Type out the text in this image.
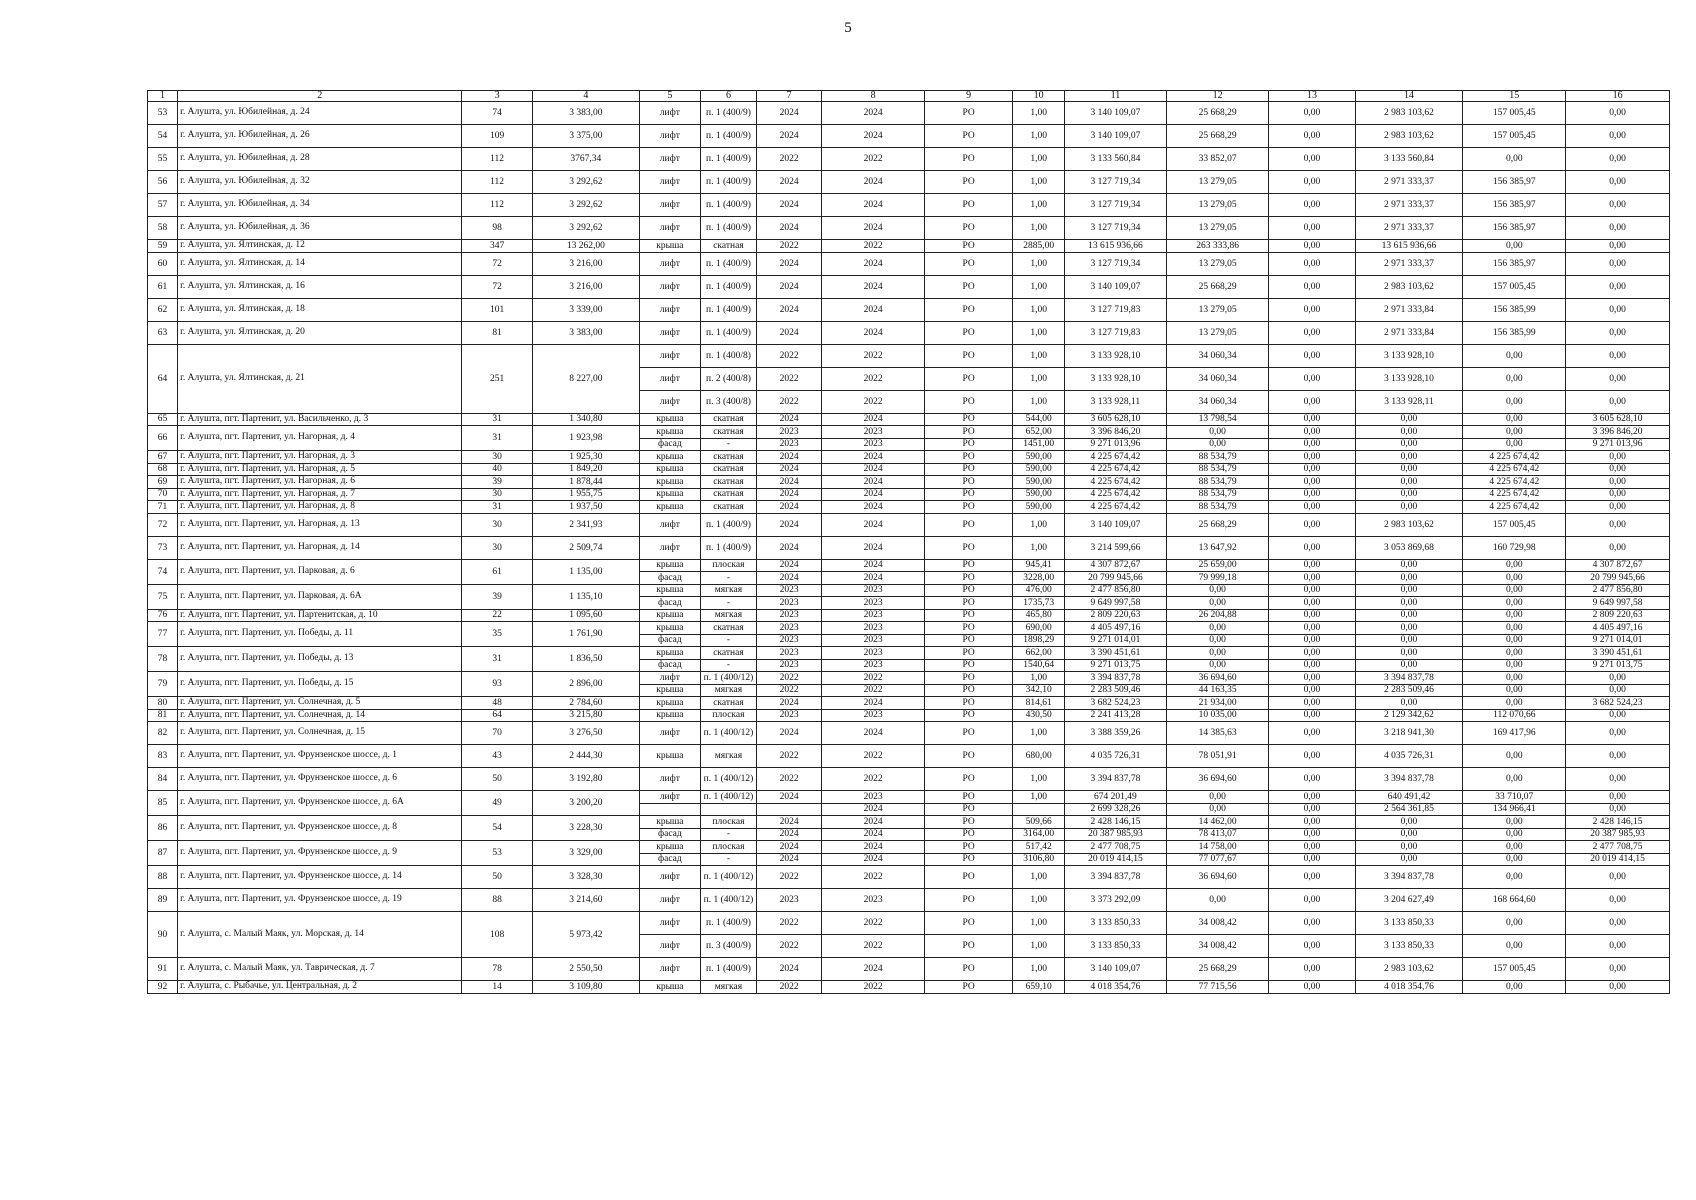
5
1	2	3	4	5	6	7	8	9	10	11	12	13	14	15	16
53	г. Алушта, ул. Юбилейная, д. 24	74	3 383,00	лифт	п. 1 (400/9)	2024	2024	РО	1,00	3 140 109,07	25 668,29	0,00	2 983 103,62	157 005,45	0,00
54	г. Алушта, ул. Юбилейная, д. 26	109	3 375,00	лифт	п. 1 (400/9)	2024	2024	РО	1,00	3 140 109,07	25 668,29	0,00	2 983 103,62	157 005,45	0,00
55	г. Алушта, ул. Юбилейная, д. 28	112	3767,34	лифт	п. 1 (400/9)	2022	2022	РО	1,00	3 133 560,84	33 852,07	0,00	3 133 560,84	0,00	0,00
56	г. Алушта, ул. Юбилейная, д. 32	112	3 292,62	лифт	п. 1 (400/9)	2024	2024	РО	1,00	3 127 719,34	13 279,05	0,00	2 971 333,37	156 385,97	0,00
57	г. Алушта, ул. Юбилейная, д. 34	112	3 292,62	лифт	п. 1 (400/9)	2024	2024	РО	1,00	3 127 719,34	13 279,05	0,00	2 971 333,37	156 385,97	0,00
58	г. Алушта, ул. Юбилейная, д. 36	98	3 292,62	лифт	п. 1 (400/9)	2024	2024	РО	1,00	3 127 719,34	13 279,05	0,00	2 971 333,37	156 385,97	0,00
59	г. Алушта, ул. Ялтинская, д. 12	347	13 262,00	крыша	скатная	2022	2022	РО	2885,00	13 615 936,66	263 333,86	0,00	13 615 936,66	0,00	0,00
60	г. Алушта, ул. Ялтинская, д. 14	72	3 216,00	лифт	п. 1 (400/9)	2024	2024	РО	1,00	3 127 719,34	13 279,05	0,00	2 971 333,37	156 385,97	0,00
61	г. Алушта, ул. Ялтинская, д. 16	72	3 216,00	лифт	п. 1 (400/9)	2024	2024	РО	1,00	3 140 109,07	25 668,29	0,00	2 983 103,62	157 005,45	0,00
62	г. Алушта, ул. Ялтинская, д. 18	101	3 339,00	лифт	п. 1 (400/9)	2024	2024	РО	1,00	3 127 719,83	13 279,05	0,00	2 971 333,84	156 385,99	0,00
63	г. Алушта, ул. Ялтинская, д. 20	81	3 383,00	лифт	п. 1 (400/9)	2024	2024	РО	1,00	3 127 719,83	13 279,05	0,00	2 971 333,84	156 385,99	0,00
64	г. Алушта, ул. Ялтинская, д. 21	251	8 227,00	лифт	п. 1 (400/8)	2022	2022	РО	1,00	3 133 928,10	34 060,34	0,00	3 133 928,10	0,00	0,00
				лифт	п. 2 (400/8)	2022	2022	РО	1,00	3 133 928,10	34 060,34	0,00	3 133 928,10	0,00	0,00
				лифт	п. 3 (400/8)	2022	2022	РО	1,00	3 133 928,11	34 060,34	0,00	3 133 928,11	0,00	0,00
65	г. Алушта, пгт. Партенит, ул. Васильченко, д. 3	31	1 340,80	крыша	скатная	2024	2024	РО	544,00	3 605 628,10	13 798,54	0,00	0,00	0,00	3 605 628,10
66	г. Алушта, пгт. Партенит, ул. Нагорная, д. 4	31	1 923,98	крыша	скатная	2023	2023	РО	652,00	3 396 846,20	0,00	0,00	0,00	0,00	3 396 846,20
				фасад	-	2023	2023	РО	1451,00	9 271 013,96	0,00	0,00	0,00	0,00	9 271 013,96
67	г. Алушта, пгт. Партенит, ул. Нагорная, д. 3	30	1 925,30	крыша	скатная	2024	2024	РО	590,00	4 225 674,42	88 534,79	0,00	0,00	4 225 674,42	0,00
68	г. Алушта, пгт. Партенит, ул. Нагорная, д. 5	40	1 849,20	крыша	скатная	2024	2024	РО	590,00	4 225 674,42	88 534,79	0,00	0,00	4 225 674,42	0,00
69	г. Алушта, пгт. Партенит, ул. Нагорная, д. 6	39	1 878,44	крыша	скатная	2024	2024	РО	590,00	4 225 674,42	88 534,79	0,00	0,00	4 225 674,42	0,00
70	г. Алушта, пгт. Партенит, ул. Нагорная, д. 7	30	1 955,75	крыша	скатная	2024	2024	РО	590,00	4 225 674,42	88 534,79	0,00	0,00	4 225 674,42	0,00
71	г. Алушта, пгт. Партенит, ул. Нагорная, д. 8	31	1 937,50	крыша	скатная	2024	2024	РО	590,00	4 225 674,42	88 534,79	0,00	0,00	4 225 674,42	0,00
72	г. Алушта, пгт. Партенит, ул. Нагорная, д. 13	30	2 341,93	лифт	п. 1 (400/9)	2024	2024	РО	1,00	3 140 109,07	25 668,29	0,00	2 983 103,62	157 005,45	0,00
73	г. Алушта, пгт. Партенит, ул. Нагорная, д. 14	30	2 509,74	лифт	п. 1 (400/9)	2024	2024	РО	1,00	3 214 599,66	13 647,92	0,00	3 053 869,68	160 729,98	0,00
74	г. Алушта, пгт. Партенит, ул. Парковая, д. 6	61	1 135,00	крыша	плоская	2024	2024	РО	945,41	4 307 872,67	25 659,00	0,00	0,00	0,00	4 307 872,67
				фасад	-	2024	2024	РО	3228,00	20 799 945,66	79 999,18	0,00	0,00	0,00	20 799 945,66
75	г. Алушта, пгт. Партенит, ул. Парковая, д. 6А	39	1 135,10	крыша	мягкая	2023	2023	РО	476,00	2 477 856,80	0,00	0,00	0,00	0,00	2 477 856,80
				фасад	-	2023	2023	РО	1735,73	9 649 997,58	0,00	0,00	0,00	0,00	9 649 997,58
76	г. Алушта, пгт. Партенит, ул. Партенитская, д. 10	22	1 095,60	крыша	мягкая	2023	2023	РО	465,80	2 809 220,63	26 204,88	0,00	0,00	0,00	2 809 220,63
77	г. Алушта, пгт. Партенит, ул. Победы, д. 11	35	1 761,90	крыша	скатная	2023	2023	РО	690,00	4 405 497,16	0,00	0,00	0,00	0,00	4 405 497,16
				фасад	-	2023	2023	РО	1898,29	9 271 014,01	0,00	0,00	0,00	0,00	9 271 014,01
78	г. Алушта, пгт. Партенит, ул. Победы, д. 13	31	1 836,50	крыша	скатная	2023	2023	РО	662,00	3 390 451,61	0,00	0,00	0,00	0,00	3 390 451,61
				фасад	-	2023	2023	РО	1540,64	9 271 013,75	0,00	0,00	0,00	0,00	9 271 013,75
79	г. Алушта, пгт. Партенит, ул. Победы, д. 15	93	2 896,00	лифт	п. 1 (400/12)	2022	2022	РО	1,00	3 394 837,78	36 694,60	0,00	3 394 837,78	0,00	0,00
				крыша	мягкая	2022	2022	РО	342,10	2 283 509,46	44 163,35	0,00	2 283 509,46	0,00	0,00
80	г. Алушта, пгт. Партенит, ул. Солнечная, д. 5	48	2 784,60	крыша	скатная	2024	2024	РО	814,61	3 682 524,23	21 934,00	0,00	0,00	0,00	3 682 524,23
81	г. Алушта, пгт. Партенит, ул. Солнечная, д. 14	64	3 215,80	крыша	плоская	2023	2023	РО	430,50	2 241 413,28	10 035,00	0,00	2 129 342,62	112 070,66	0,00
82	г. Алушта, пгт. Партенит, ул. Солнечная, д. 15	70	3 276,50	лифт	п. 1 (400/12)	2024	2024	РО	1,00	3 388 359,26	14 385,63	0,00	3 218 941,30	169 417,96	0,00
83	г. Алушта, пгт. Партенит, ул. Фрунзенское шоссе, д. 1	43	2 444,30	крыша	мягкая	2022	2022	РО	680,00	4 035 726,31	78 051,91	0,00	4 035 726,31	0,00	0,00
84	г. Алушта, пгт. Партенит, ул. Фрунзенское шоссе, д. 6	50	3 192,80	лифт	п. 1 (400/12)	2022	2022	РО	1,00	3 394 837,78	36 694,60	0,00	3 394 837,78	0,00	0,00
85	г. Алушта, пгт. Партенит, ул. Фрунзенское шоссе, д. 6А	49	3 200,20	лифт	п. 1 (400/12)	2024	2023	РО	1,00	674 201,49	0,00	0,00	640 491,42	33 710,07	0,00
							2024	РО		2 699 328,26	0,00	0,00	2 564 361,85	134 966,41	0,00
86	г. Алушта, пгт. Партенит, ул. Фрунзенское шоссе, д. 8	54	3 228,30	крыша	плоская	2024	2024	РО	509,66	2 428 146,15	14 462,00	0,00	0,00	0,00	2 428 146,15
				фасад	-	2024	2024	РО	3164,00	20 387 985,93	78 413,07	0,00	0,00	0,00	20 387 985,93
87	г. Алушта, пгт. Партенит, ул. Фрунзенское шоссе, д. 9	53	3 329,00	крыша	плоская	2024	2024	РО	517,42	2 477 708,75	14 758,00	0,00	0,00	0,00	2 477 708,75
				фасад	-	2024	2024	РО	3106,80	20 019 414,15	77 077,67	0,00	0,00	0,00	20 019 414,15
88	г. Алушта, пгт. Партенит, ул. Фрунзенское шоссе, д. 14	50	3 328,30	лифт	п. 1 (400/12)	2022	2022	РО	1,00	3 394 837,78	36 694,60	0,00	3 394 837,78	0,00	0,00
89	г. Алушта, пгт. Партенит, ул. Фрунзенское шоссе, д. 19	88	3 214,60	лифт	п. 1 (400/12)	2023	2023	РО	1,00	3 373 292,09	0,00	0,00	3 204 627,49	168 664,60	0,00
90	г. Алушта, с. Малый Маяк, ул. Морская, д. 14	108	5 973,42	лифт	п. 1 (400/9)	2022	2022	РО	1,00	3 133 850,33	34 008,42	0,00	3 133 850,33	0,00	0,00
				лифт	п. 3 (400/9)	2022	2022	РО	1,00	3 133 850,33	34 008,42	0,00	3 133 850,33	0,00	0,00
91	г. Алушта, с. Малый Маяк, ул. Таврическая, д. 7	78	2 550,50	лифт	п. 1 (400/9)	2024	2024	РО	1,00	3 140 109,07	25 668,29	0,00	2 983 103,62	157 005,45	0,00
92	г. Алушта, с. Рыбачье, ул. Центральная, д. 2	14	3 109,80	крыша	мягкая	2022	2022	РО	659,10	4 018 354,76	77 715,56	0,00	4 018 354,76	0,00	0,00
